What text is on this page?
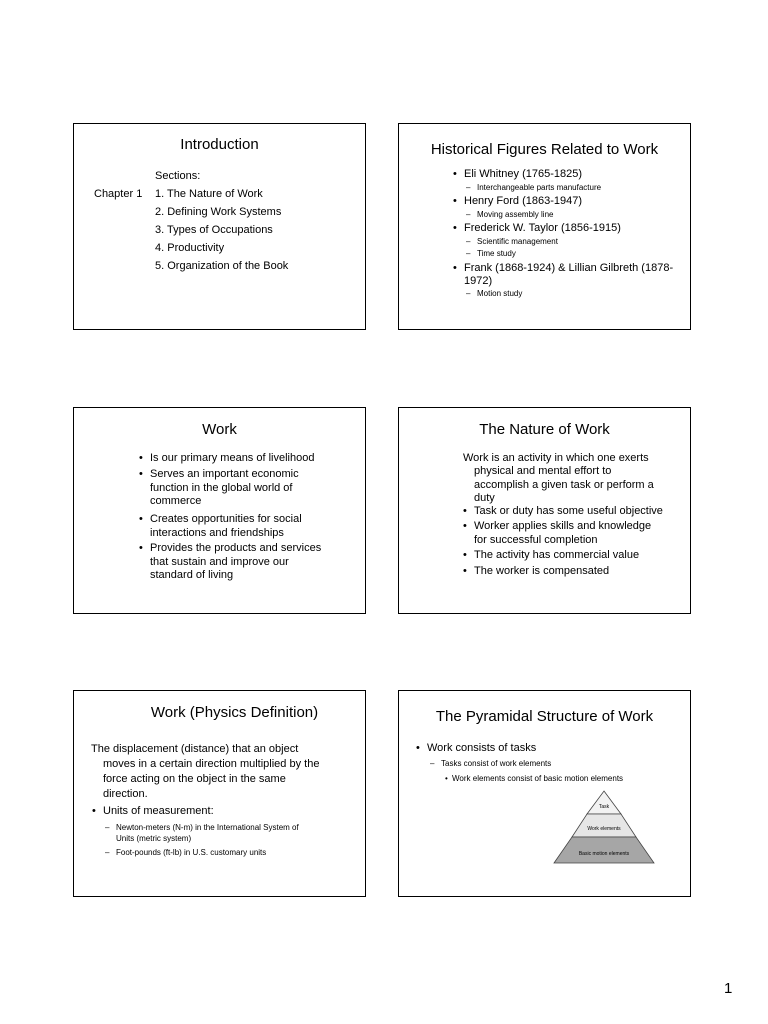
Introduction
Sections:
Chapter 1 1. The Nature of Work
2. Defining Work Systems
3. Types of Occupations
4. Productivity
5. Organization of the Book
Historical Figures Related to Work
• Eli Whitney (1765-1825)
– Interchangeable parts manufacture
• Henry Ford (1863-1947)
– Moving assembly line
• Frederick W. Taylor (1856-1915)
– Scientific management
– Time study
• Frank (1868-1924) & Lillian Gilbreth (1878-
1972)
– Motion study
Work
• Is our primary means of livelihood
• Serves an important economic
function in the global world of
commerce
• Creates opportunities for social
interactions and friendships
• Provides the products and services
that sustain and improve our
standard of living
The Nature of Work
Work is an activity in which one exerts
physical and mental effort to
accomplish a given task or perform a
duty
• Task or duty has some useful objective
• Worker applies skills and knowledge
for successful completion
• The activity has commercial value
• The worker is compensated
Work (Physics Definition)
The displacement (distance) that an object
moves in a certain direction multiplied by the
force acting on the object in the same
direction.
• Units of measurement:
– Newton-meters (N-m) in the International System of
Units (metric system)
– Foot-pounds (ft-lb) in U.S. customary units
The Pyramidal Structure of Work
• Work consists of tasks
– Tasks consist of work elements
• Work elements consist of basic motion elements
Task
Work elements
Basic motion elements
1
